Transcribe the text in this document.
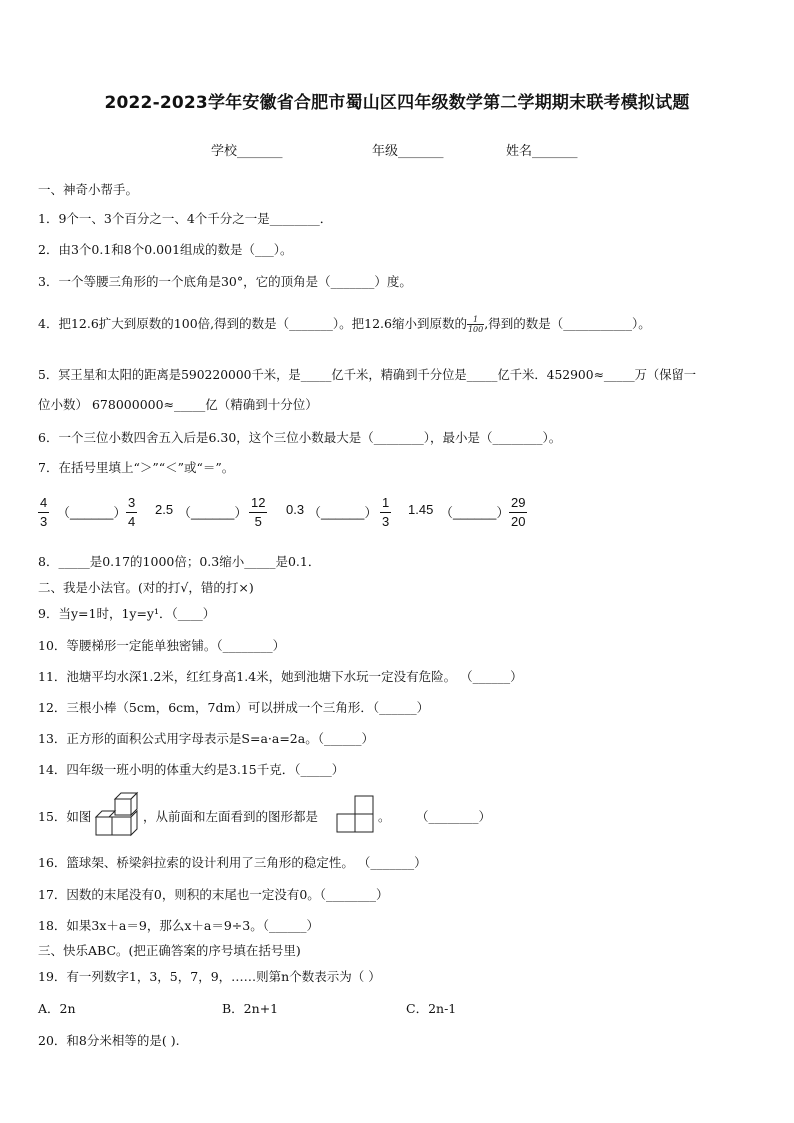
2022-2023学年安徽省合肥市蜀山区四年级数学第二学期期末联考模拟试题
学校_______	年级_______	姓名_______
一、神奇小帮手。
1．9个一、3个百分之一、4个千分之一是________．
2．由3个0.1和8个0.001组成的数是（___）。
3．一个等腰三角形的一个底角是30°，它的顶角是（_______）度。
4．把12.6扩大到原数的100倍,得到的数是（_______）。把12.6缩小到原数的 $\frac{1}{100}$ ,得到的数是（___________）。
5．冥王星和太阳的距离是590220000千米，是_____亿千米，精确到千分位是_____亿千米．452900≈_____万（保留一
位小数） 678000000≈_____亿（精确到十分位）
6．一个三位小数四舍五入后是6.30，这个三位小数最大是（________），最小是（________）。
7．在括号里填上“＞”“＜”或“＝”。
$\frac{4}{3}$ （______） $\frac{3}{4} 2.5$ （______） $\frac{12}{5} 0.3$ （______） $\frac{1}{3} 1.45$ （______） $\frac{29}{20}$
8．_____是0.17的1000倍；0.3缩小_____是0.1．
二、我是小法官。(对的打√，错的打×)
9．当y=1时，1y=y¹．（____）
10．等腰梯形一定能单独密铺。（________）
11．池塘平均水深1.2米，红红身高1.4米，她到池塘下水玩一定没有危险。 （______）
12．三根小棒（5cm，6cm，7dm）可以拼成一个三角形．（______）
13．正方形的面积公式用字母表示是S=a·a=2a。（______）
14．四年级一班小明的体重大约是3.15千克．（_____）
15．如图	，从前面和左面看到的图形都是	。 （________）
16．篮球架、桥梁斜拉索的设计利用了三角形的稳定性。 （_______）
17．因数的末尾没有0，则积的末尾也一定没有0。（________）
18．如果3x＋a＝9，那么x＋a＝9÷3。（______）
三、快乐ABC。(把正确答案的序号填在括号里)
19．有一列数字1，3，5，7，9，……则第n个数表示为（ ）
A．2n	B．2n+1	C．2n-1
20．和8分米相等的是( ).
